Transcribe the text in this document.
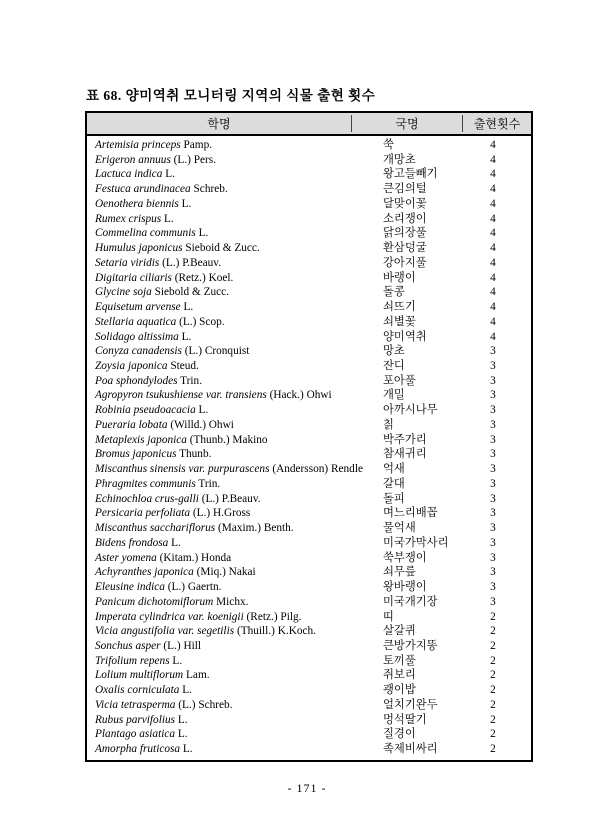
표 68. 양미역취 모니터링 지역의 식물 출현 횟수
학명	국명	출현횟수
Artemisia princeps Pamp.	쑥	4
Erigeron annuus (L.) Pers.	개망초	4
Lactuca indica L.	왕고들빼기	4
Festuca arundinacea Schreb.	큰김의털	4
Oenothera biennis L.	달맞이꽃	4
Rumex crispus L.	소리쟁이	4
Commelina communis L.	닭의장풀	4
Humulus japonicus Sieboid & Zucc.	환삼덩굴	4
Setaria viridis (L.) P.Beauv.	강아지풀	4
Digitaria ciliaris (Retz.) Koel.	바랭이	4
Glycine soja Siebold & Zucc.	돌콩	4
Equisetum arvense L.	쇠뜨기	4
Stellaria aquatica (L.) Scop.	쇠별꽃	4
Solidago altissima L.	양미역취	4
Conyza canadensis (L.) Cronquist	망초	3
Zoysia japonica Steud.	잔디	3
Poa sphondylodes Trin.	포아풀	3
Agropyron tsukushiense var. transiens (Hack.) Ohwi	개밀	3
Robinia pseudoacacia L.	아까시나무	3
Pueraria lobata (Willd.) Ohwi	칡	3
Metaplexis japonica (Thunb.) Makino	박주가리	3
Bromus japonicus Thunb.	참새귀리	3
Miscanthus sinensis var. purpurascens (Andersson) Rendle	억새	3
Phragmites communis Trin.	갈대	3
Echinochloa crus-galli (L.) P.Beauv.	돌피	3
Persicaria perfoliata (L.) H.Gross	며느리배꼽	3
Miscanthus sacchariflorus (Maxim.) Benth.	물억새	3
Bidens frondosa L.	미국가막사리	3
Aster yomena (Kitam.) Honda	쑥부쟁이	3
Achyranthes japonica (Miq.) Nakai	쇠무릎	3
Eleusine indica (L.) Gaertn.	왕바랭이	3
Panicum dichotomiflorum Michx.	미국개기장	3
Imperata cylindrica var. koenigii (Retz.) Pilg.	띠	2
Vicia angustifolia var. segetilis (Thuill.) K.Koch.	살갈퀴	2
Sonchus asper (L.) Hill	큰방가지똥	2
Trifolium repens L.	토끼풀	2
Lolium multiflorum Lam.	쥐보리	2
Oxalis corniculata L.	괭이밥	2
Vicia tetrasperma (L.) Schreb.	얼치기완두	2
Rubus parvifolius L.	멍석딸기	2
Plantago asiatica L.	질경이	2
Amorpha fruticosa L.	족제비싸리	2
- 171 -
